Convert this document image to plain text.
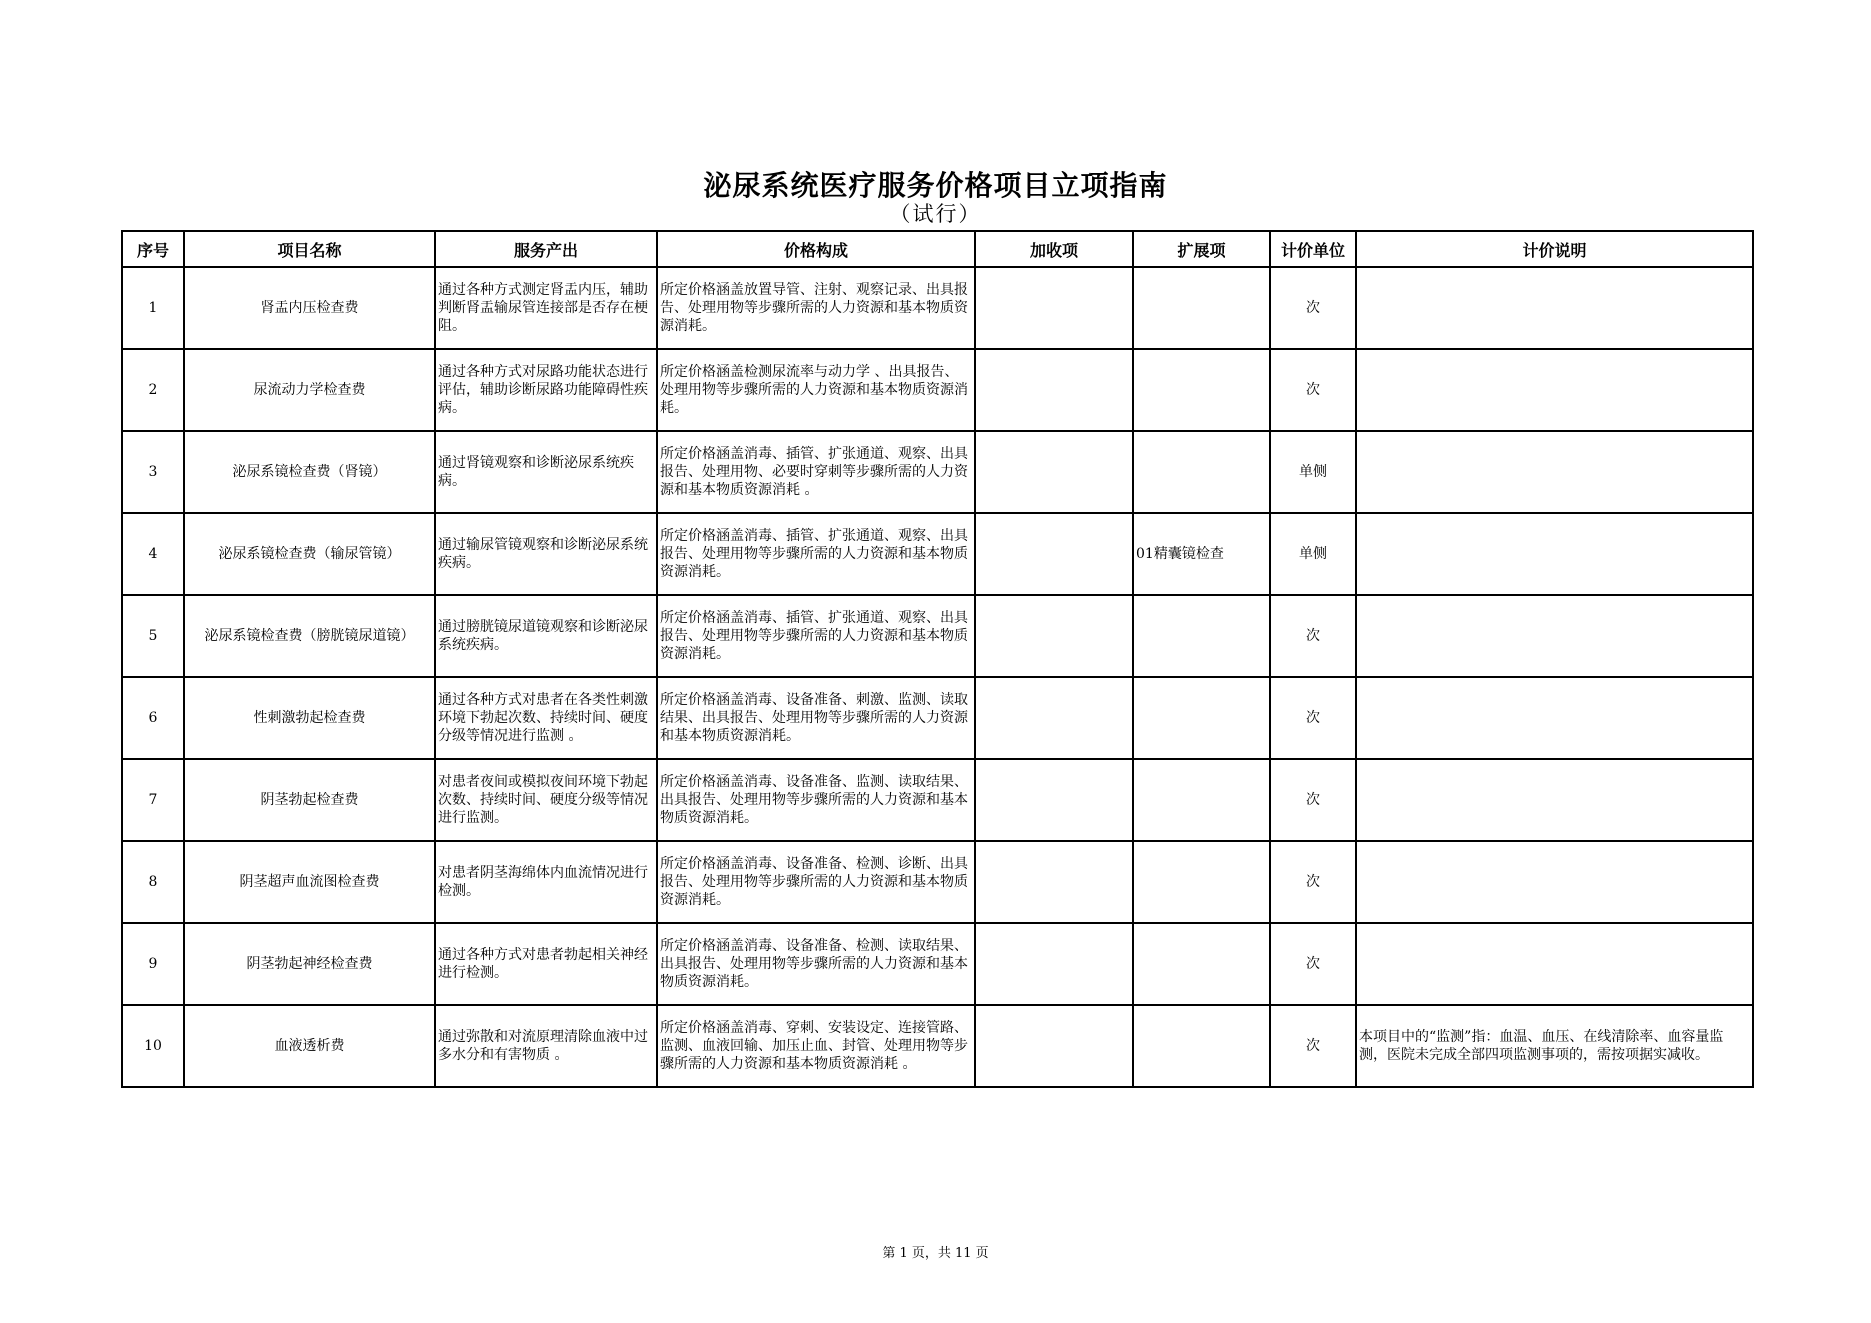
泌尿系统医疗服务价格项目立项指南
（试行）
序号	项目名称	服务产出	价格构成	加收项	扩展项	计价单位	计价说明
1	肾盂内压检查费	通过各种方式测定肾盂内压，辅助判断肾盂输尿管连接部是否存在梗阻。	所定价格涵盖放置导管、注射、观察记录、出具报告、处理用物等步骤所需的人力资源和基本物质资源消耗。			次	
2	尿流动力学检查费	通过各种方式对尿路功能状态进行评估，辅助诊断尿路功能障碍性疾病。	所定价格涵盖检测尿流率与动力学 、出具报告、处理用物等步骤所需的人力资源和基本物质资源消耗。			次	
3	泌尿系镜检查费（肾镜）	通过肾镜观察和诊断泌尿系统疾病。	所定价格涵盖消毒、插管、扩张通道、观察、出具报告、处理用物、必要时穿刺等步骤所需的人力资源和基本物质资源消耗 。			单侧	
4	泌尿系镜检查费（输尿管镜）	通过输尿管镜观察和诊断泌尿系统疾病。	所定价格涵盖消毒、插管、扩张通道、观察、出具报告、处理用物等步骤所需的人力资源和基本物质资源消耗。		01精囊镜检查	单侧	
5	泌尿系镜检查费（膀胱镜尿道镜）	通过膀胱镜尿道镜观察和诊断泌尿系统疾病。	所定价格涵盖消毒、插管、扩张通道、观察、出具报告、处理用物等步骤所需的人力资源和基本物质资源消耗。			次	
6	性刺激勃起检查费	通过各种方式对患者在各类性刺激环境下勃起次数、持续时间、硬度分级等情况进行监测 。	所定价格涵盖消毒、设备准备、刺激、监测、读取结果、出具报告、处理用物等步骤所需的人力资源和基本物质资源消耗。			次	
7	阴茎勃起检查费	对患者夜间或模拟夜间环境下勃起次数、持续时间、硬度分级等情况进行监测。	所定价格涵盖消毒、设备准备、监测、读取结果、出具报告、处理用物等步骤所需的人力资源和基本物质资源消耗。			次	
8	阴茎超声血流图检查费	对患者阴茎海绵体内血流情况进行检测。	所定价格涵盖消毒、设备准备、检测、诊断、出具报告、处理用物等步骤所需的人力资源和基本物质资源消耗。			次	
9	阴茎勃起神经检查费	通过各种方式对患者勃起相关神经进行检测。	所定价格涵盖消毒、设备准备、检测、读取结果、出具报告、处理用物等步骤所需的人力资源和基本物质资源消耗。			次	
10	血液透析费	通过弥散和对流原理清除血液中过多水分和有害物质 。	所定价格涵盖消毒、穿刺、安装设定、连接管路、监测、血液回输、加压止血、封管、处理用物等步骤所需的人力资源和基本物质资源消耗 。			次	本项目中的“监测”指：血温、血压、在线清除率、血容量监测，医院未完成全部四项监测事项的，需按项据实减收。
第 1 页，共 11 页
